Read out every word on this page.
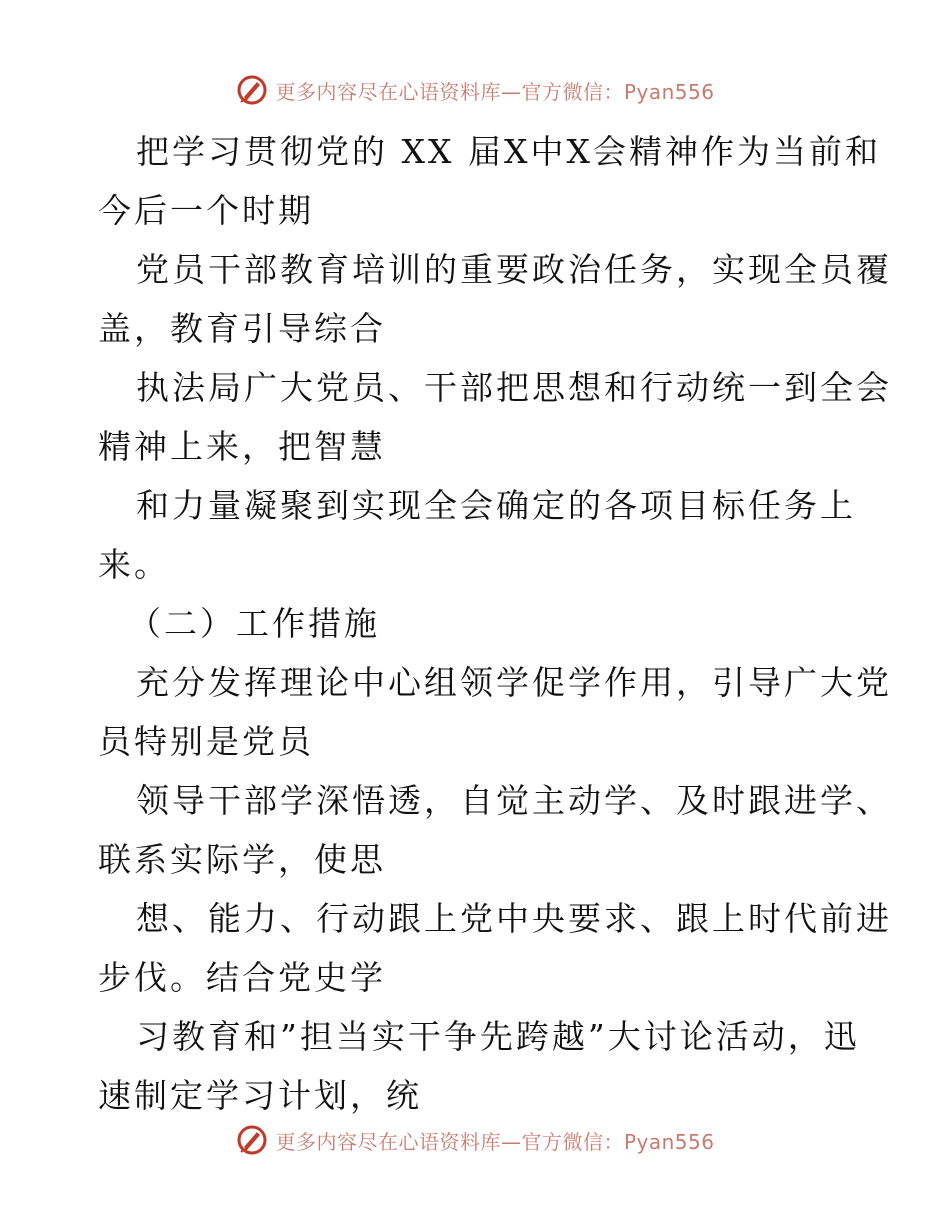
更多内容尽在心语资料库—官方微信：Pyan556

把学习贯彻党的 XX 届X中X会精神作为当前和
今后一个时期

党员干部教育培训的重要政治任务，实现全员覆
盖，教育引导综合

执法局广大党员、干部把思想和行动统一到全会
精神上来，把智慧

和力量凝聚到实现全会确定的各项目标任务上
来。

（二）工作措施

充分发挥理论中心组领学促学作用，引导广大党
员特别是党员

领导干部学深悟透，自觉主动学、及时跟进学、
联系实际学，使思

想、能力、行动跟上党中央要求、跟上时代前进
步伐。结合党史学

习教育和”担当实干争先跨越”大讨论活动，迅
速制定学习计划，统

更多内容尽在心语资料库—官方微信：Pyan556
